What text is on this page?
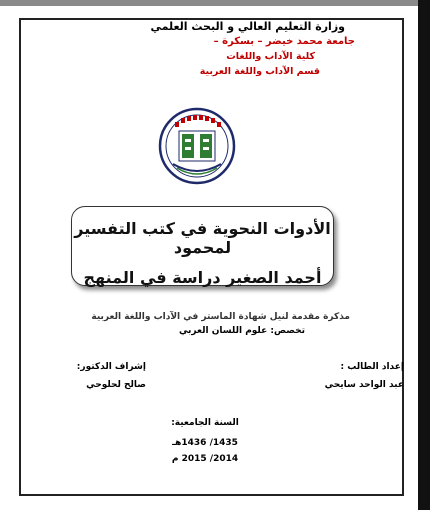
وزارة التعليم العالي و البحث العلمي
جامعة محمد خيضر – بسكرة –
كلية الآداب واللغات
قسم الآداب واللغة العربية
الأدوات النحوية في كتب التفسير لمحمود
أحمد الصغير دراسة في المنهج
مذكرة مقدمة لنيل شهادة الماستر في الآداب واللغة العربية
تخصص: علوم اللسان العربي
إعداد الطالب :
عبد الواحد سايحي
إشراف الدكتور:
صالح لحلوحي
السنة الجامعية:
1435/ 1436هـ
2014/ 2015 م
